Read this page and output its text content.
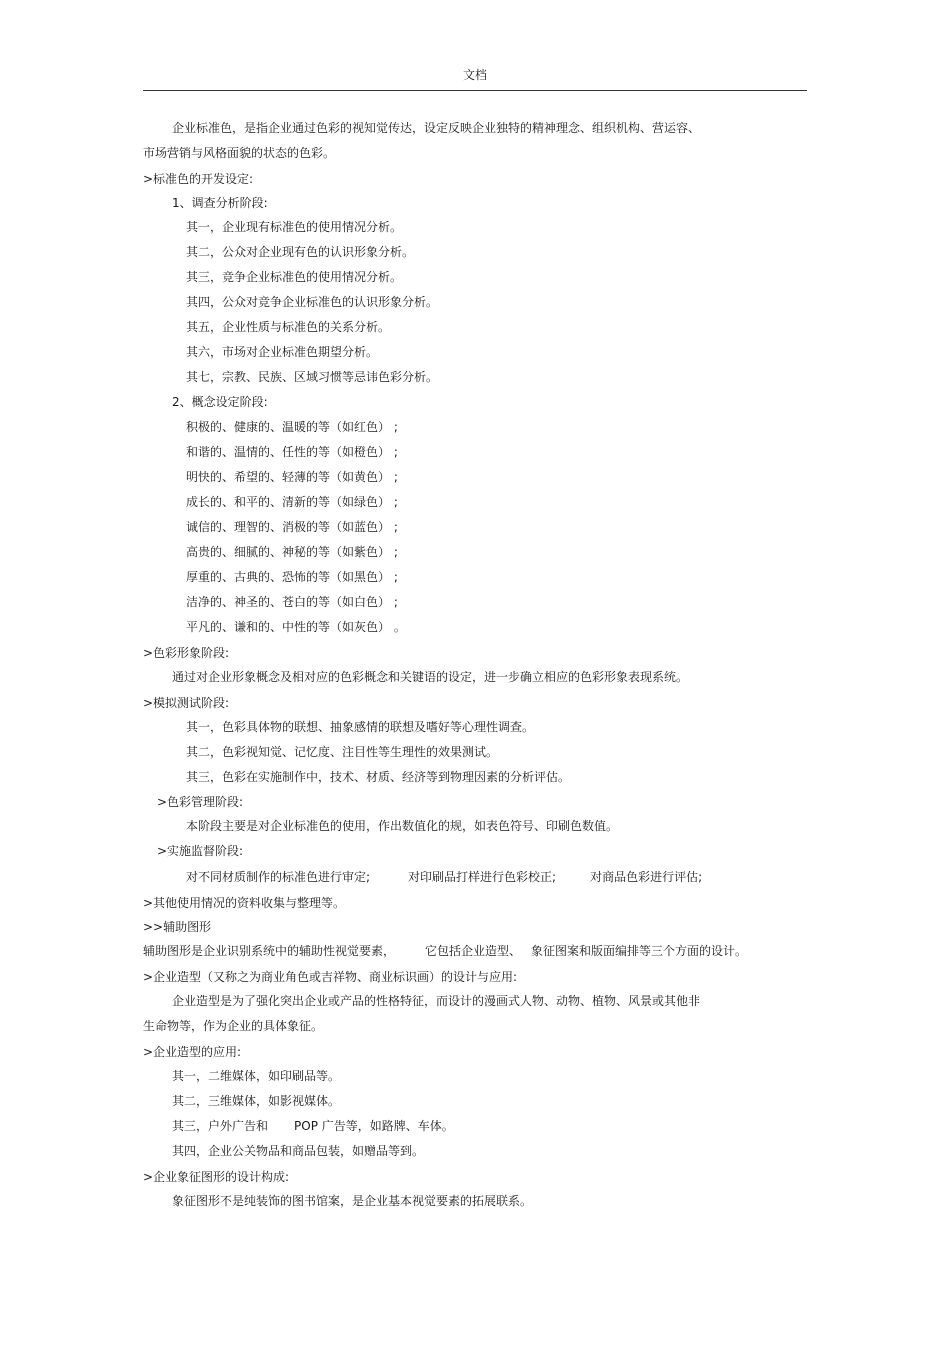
文档
企业标准色，是指企业通过色彩的视知觉传达，设定反映企业独特的精神理念、组织机构、营运容、
市场营销与风格面貌的状态的色彩。
>标准色的开发设定:
1、调查分析阶段:
其一，企业现有标准色的使用情况分析。
其二，公众对企业现有色的认识形象分析。
其三，竞争企业标准色的使用情况分析。
其四，公众对竞争企业标准色的认识形象分析。
其五，企业性质与标准色的关系分析。
其六，市场对企业标准色期望分析。
其七，宗教、民族、区域习惯等忌讳色彩分析。
2、概念设定阶段:
积极的、健康的、温暖的等（如红色） ;
和谐的、温情的、任性的等（如橙色） ;
明快的、希望的、轻薄的等（如黄色） ;
成长的、和平的、清新的等（如绿色） ;
诚信的、理智的、消极的等（如蓝色） ;
高贵的、细腻的、神秘的等（如紫色） ;
厚重的、古典的、恐怖的等（如黑色） ;
洁净的、神圣的、苍白的等（如白色） ;
平凡的、谦和的、中性的等（如灰色） 。
>色彩形象阶段:
通过对企业形象概念及相对应的色彩概念和关键语的设定，进一步确立相应的色彩形象表现系统。
>模拟测试阶段:
其一，色彩具体物的联想、抽象感情的联想及嗜好等心理性调查。
其二，色彩视知觉、记忆度、注目性等生理性的效果测试。
其三，色彩在实施制作中，技术、材质、经济等到物理因素的分析评估。
>色彩管理阶段:
本阶段主要是对企业标准色的使用，作出数值化的规，如表色符号、印刷色数值。
>实施监督阶段:
对不同材质制作的标准色进行审定;	对印刷品打样进行色彩校正;	对商品色彩进行评估;
>其他使用情况的资料收集与整理等。
>>辅助图形
辅助图形是企业识别系统中的辅助性视觉要素，	它包括企业造型、 象征图案和版面编排等三个方面的设计。
>企业造型（又称之为商业角色或吉祥物、商业标识画）的设计与应用:
企业造型是为了强化突出企业或产品的性格特征，而设计的漫画式人物、动物、植物、风景或其他非
生命物等，作为企业的具体象征。
>企业造型的应用:
其一，二维媒体，如印刷品等。
其二，三维媒体，如影视媒体。
其三，户外广告和 POP 广告等，如路牌、车体。
其四，企业公关物品和商品包装，如赠品等到。
>企业象征图形的设计构成:
象征图形不是纯装饰的图书馆案，是企业基本视觉要素的拓展联系。
